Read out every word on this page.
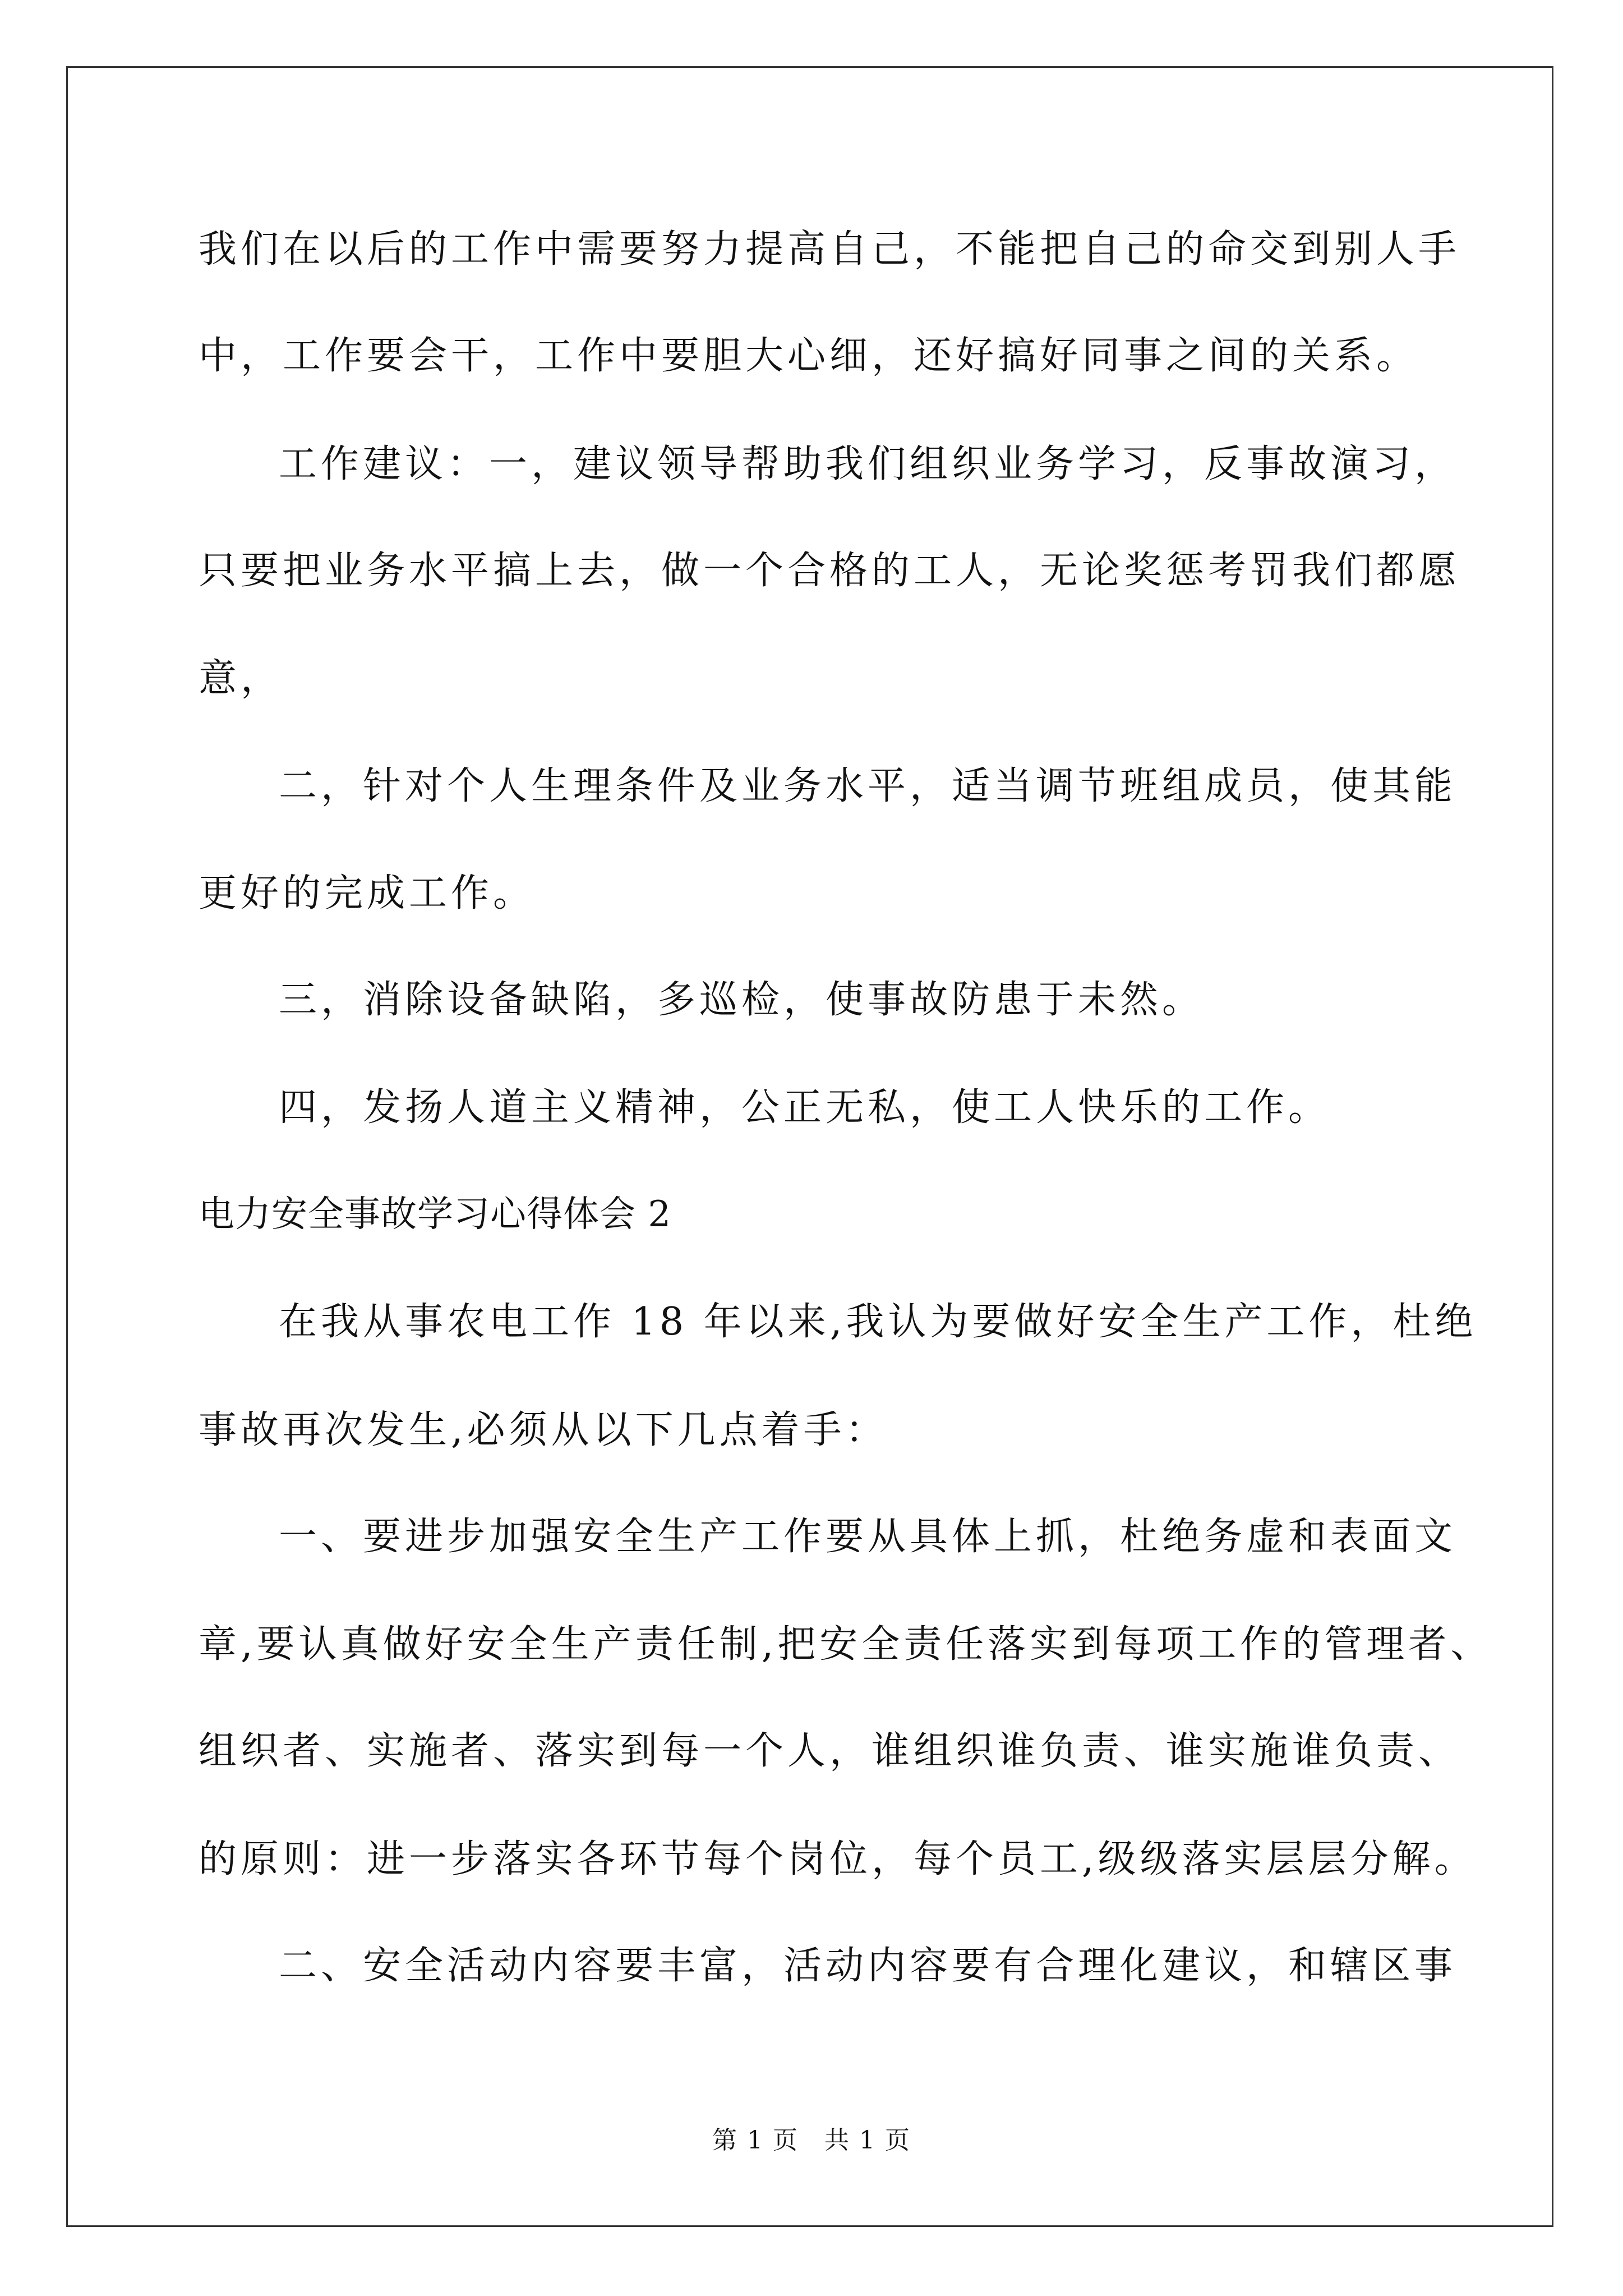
我们在以后的工作中需要努力提高自己，不能把自己的命交到别人手
中，工作要会干，工作中要胆大心细，还好搞好同事之间的关系。
工作建议：一，建议领导帮助我们组织业务学习，反事故演习，
只要把业务水平搞上去，做一个合格的工人，无论奖惩考罚我们都愿
意，
二，针对个人生理条件及业务水平，适当调节班组成员，使其能
更好的完成工作。
三，消除设备缺陷，多巡检，使事故防患于未然。
四，发扬人道主义精神，公正无私，使工人快乐的工作。
电力安全事故学习心得体会 2
在我从事农电工作 18 年以来,我认为要做好安全生产工作，杜绝
事故再次发生,必须从以下几点着手：
一、要进步加强安全生产工作要从具体上抓，杜绝务虚和表面文
章,要认真做好安全生产责任制,把安全责任落实到每项工作的管理者、
组织者、实施者、落实到每一个人，谁组织谁负责、谁实施谁负责、
的原则：进一步落实各环节每个岗位，每个员工,级级落实层层分解。
二、安全活动内容要丰富，活动内容要有合理化建议，和辖区事
第 1 页　共 1 页
